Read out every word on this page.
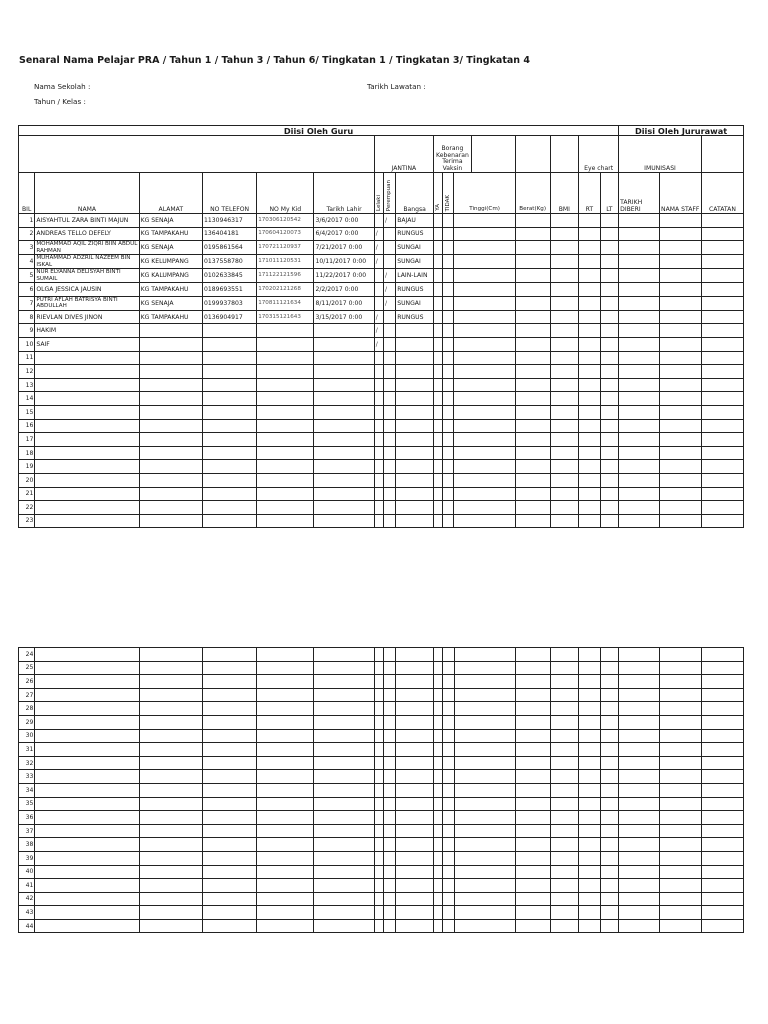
Senaral Nama Pelajar PRA / Tahun 1 / Tahun 3 / Tahun 6/ Tingkatan 1 / Tingkatan 3/ Tingkatan 4
Nama Sekolah :	Tarikh Lawatan :
Tahun / Kelas :
Diisi Oleh Guru																	Diisi Oleh Jururawat		
						JANTINA			Borang Kebenaran Terima Vaksin						Eye chart		IMUNISASI		
BIL	NAMA	ALAMAT	NO TELEFON	NO My Kid	Tarikh Lahir	Lelaki	Perempuan	Bangsa	YA	TIDAK	Tinggi(Cm)		Berat(Kg)	BMI	RT	LT	TARIKH DIBERI	NAMA STAFF	CATATAN
1	AISYAHTUL ZARA BINTI MAJUN	KG SENAJA	1130946317	170306120542	3/6/2017 0:00		/	BAJAU											
2	ANDREAS TELLO DEFELY	KG TAMPAKAHU	136404181	170604120073	6/4/2017 0:00	/		RUNGUS											
3	MOHAMMAD AQIL ZIQRI BIIN ABDUL RAHMAN	KG SENAJA	0195861564	170721120937	7/21/2017 0:00	/		SUNGAI											
4	MUHAMMAD ADZRIL NAZEEM BIN ISKAL	KG KELUMPANG	0137558780	171011120531	10/11/2017 0:00	/		SUNGAI											
5	NUR ELYANNA DELISYAH BINTI SUMAIL	KG KALUMPANG	0102633845	171122121596	11/22/2017 0:00		/	LAIN-LAIN											
6	OLGA JESSICA JAUSIN	KG TAMPAKAHU	0189693551	170202121268	2/2/2017 0:00		/	RUNGUS											
7	PUTRI AFLAH BATRISYA BINTI ABDULLAH	KG SENAJA	0199937803	170811121634	8/11/2017 0:00		/	SUNGAI											
8	RIEVLAN DIVES JINON	KG TAMPAKAHU	0136904917	170315121643	3/15/2017 0:00	/		RUNGUS											
9	HAKIM					/													
10	SAIF					/													
11																			
12																			
13																			
14																			
15																			
16																			
17																			
18																			
19																			
20																			
21																			
22																			
23																			
24																		
25																		
26																		
27																		
28																		
29																		
30																		
31																		
32																		
33																		
34																		
35																		
36																		
37																		
38																		
39																		
40																		
41																		
42																		
43																		
44																		
